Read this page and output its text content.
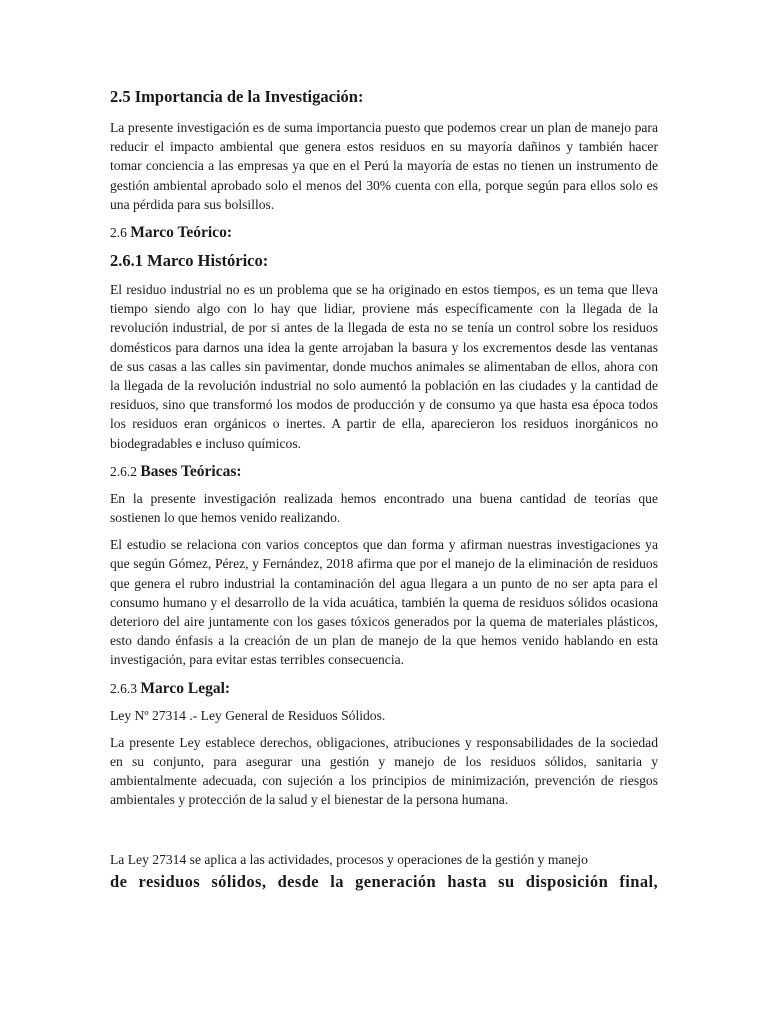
2.5 Importancia de la Investigación:
La presente investigación es de suma importancia puesto que podemos crear un plan de manejo para reducir el impacto ambiental que genera estos residuos en su mayoría dañinos y también hacer tomar conciencia a las empresas ya que en el Perú la mayoría de estas no tienen un instrumento de gestión ambiental aprobado solo el menos del 30% cuenta con ella, porque según para ellos solo es una pérdida para sus bolsillos.
2.6 Marco Teórico:
2.6.1 Marco Histórico:
El residuo industrial no es un problema que se ha originado en estos tiempos, es un tema que lleva tiempo siendo algo con lo hay que lidiar, proviene más específicamente con la llegada de la revolución industrial, de por si antes de la llegada de esta no se tenía un control sobre los residuos domésticos para darnos una idea la gente arrojaban la basura y los excrementos desde las ventanas de sus casas a las calles sin pavimentar, donde muchos animales se alimentaban de ellos, ahora con la llegada de la revolución industrial no solo aumentó la población en las ciudades y la cantidad de residuos, sino que transformó los modos de producción y de consumo ya que hasta esa época todos los residuos eran orgánicos o inertes. A partir de ella, aparecieron los residuos inorgánicos no biodegradables e incluso químicos.
2.6.2 Bases Teóricas:
En la presente investigación realizada hemos encontrado una buena cantidad de teorías que sostienen lo que hemos venido realizando.
El estudio se relaciona con varios conceptos que dan forma y afirman nuestras investigaciones ya que según Gómez, Pérez, y Fernández, 2018 afirma que por el manejo de la eliminación de residuos que genera el rubro industrial la contaminación del agua llegara a un punto de no ser apta para el consumo humano y el desarrollo de la vida acuática, también la quema de residuos sólidos ocasiona deterioro del aire juntamente con los gases tóxicos generados por la quema de materiales plásticos, esto dando énfasis a la creación de un plan de manejo de la que hemos venido hablando en esta investigación, para evitar estas terribles consecuencia.
2.6.3 Marco Legal:
Ley Nº 27314 .- Ley General de Residuos Sólidos.
La presente Ley establece derechos, obligaciones, atribuciones y responsabilidades de la sociedad en su conjunto, para asegurar una gestión y manejo de los residuos sólidos, sanitaria y ambientalmente adecuada, con sujeción a los principios de minimización, prevención de riesgos ambientales y protección de la salud y el bienestar de la persona humana.
La Ley 27314 se aplica a las actividades, procesos y operaciones de la gestión y manejo
de residuos sólidos, desde la generación hasta su disposición final,
